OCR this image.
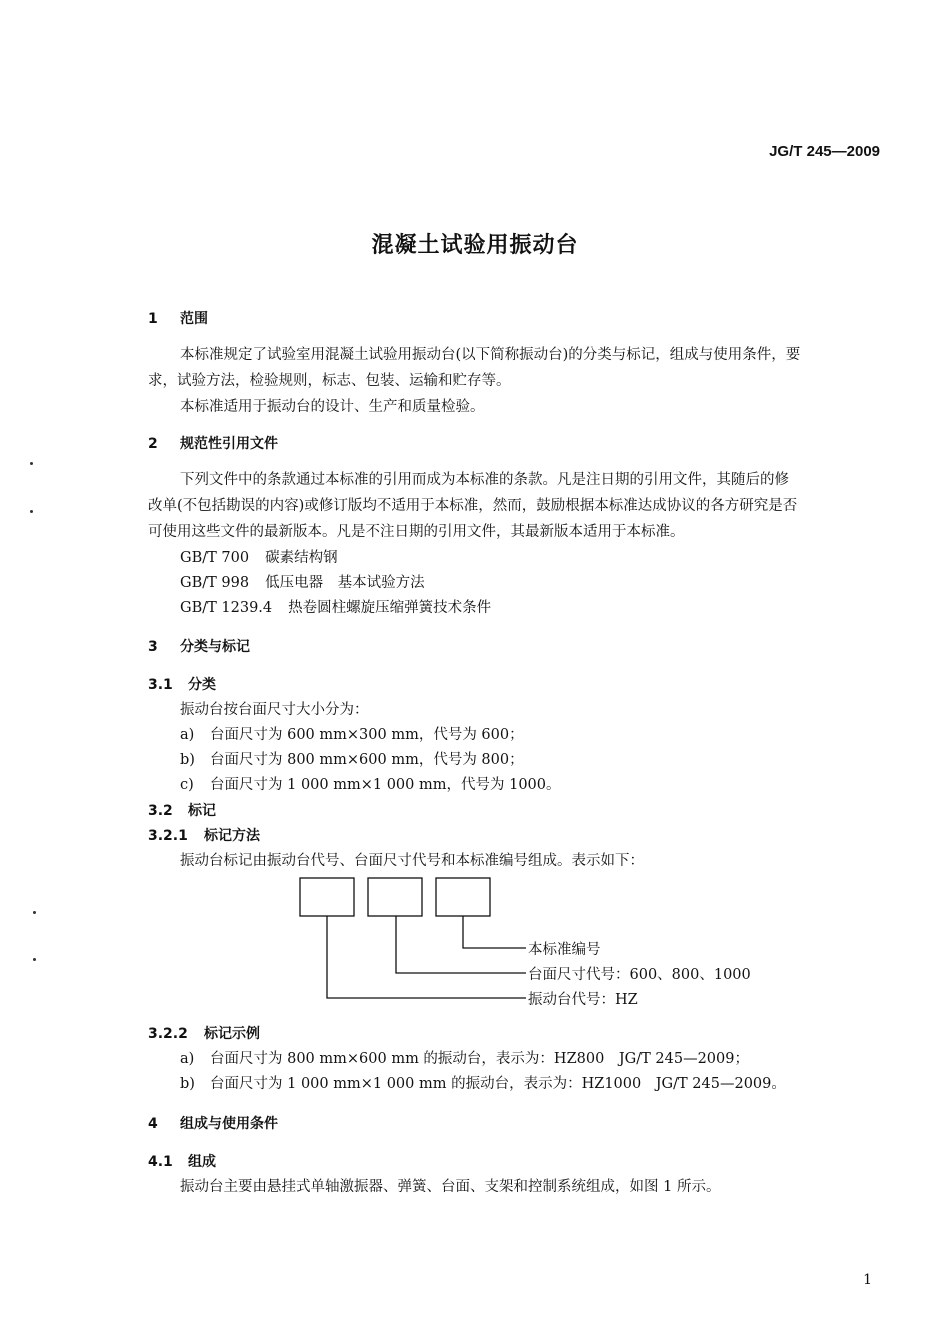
JG/T 245—2009
混凝土试验用振动台
1 范围
本标准规定了试验室用混凝土试验用振动台(以下简称振动台)的分类与标记，组成与使用条件，要
求，试验方法，检验规则，标志、包装、运输和贮存等。
本标准适用于振动台的设计、生产和质量检验。
2 规范性引用文件
下列文件中的条款通过本标准的引用而成为本标准的条款。凡是注日期的引用文件，其随后的修
改单(不包括勘误的内容)或修订版均不适用于本标准，然而，鼓励根据本标准达成协议的各方研究是否
可使用这些文件的最新版本。凡是不注日期的引用文件，其最新版本适用于本标准。
GB/T 700 碳素结构钢
GB/T 998 低压电器　基本试验方法
GB/T 1239.4 热卷圆柱螺旋压缩弹簧技术条件
3 分类与标记
3.1 分类
振动台按台面尺寸大小分为：
a) 台面尺寸为 600 mm×300 mm，代号为 600；
b) 台面尺寸为 800 mm×600 mm，代号为 800；
c) 台面尺寸为 1 000 mm×1 000 mm，代号为 1000。
3.2 标记
3.2.1 标记方法
振动台标记由振动台代号、台面尺寸代号和本标准编号组成。表示如下：
本标准编号
台面尺寸代号：600、800、1000
振动台代号：HZ
3.2.2 标记示例
a) 台面尺寸为 800 mm×600 mm 的振动台，表示为：HZ800　JG/T 245—2009；
b) 台面尺寸为 1 000 mm×1 000 mm 的振动台，表示为：HZ1000　JG/T 245—2009。
4 组成与使用条件
4.1 组成
振动台主要由悬挂式单轴激振器、弹簧、台面、支架和控制系统组成，如图 1 所示。
1
